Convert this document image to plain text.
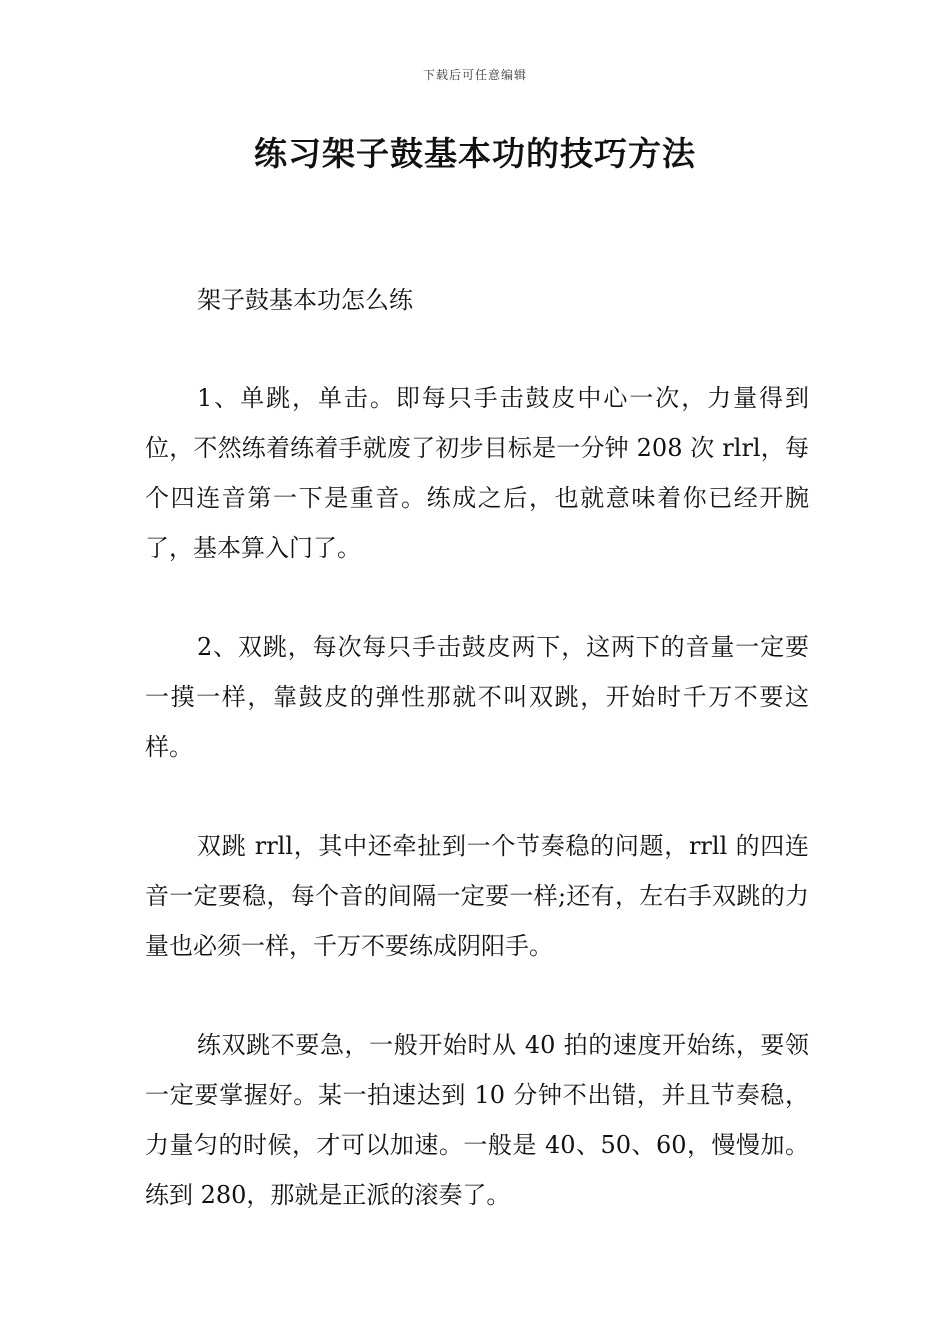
下载后可任意编辑
练习架子鼓基本功的技巧方法

架子鼓基本功怎么练

1、单跳，单击。即每只手击鼓皮中心一次，力量得到位，不然练着练着手就废了初步目标是一分钟 208 次 rlrl，每个四连音第一下是重音。练成之后，也就意味着你已经开腕了，基本算入门了。

2、双跳，每次每只手击鼓皮两下，这两下的音量一定要一摸一样，靠鼓皮的弹性那就不叫双跳，开始时千万不要这样。

双跳 rrll，其中还牵扯到一个节奏稳的问题，rrll 的四连音一定要稳，每个音的间隔一定要一样;还有，左右手双跳的力量也必须一样，千万不要练成阴阳手。

练双跳不要急，一般开始时从 40 拍的速度开始练，要领一定要掌握好。某一拍速达到 10 分钟不出错，并且节奏稳，力量匀的时候，才可以加速。一般是 40、50、60，慢慢加。练到 280，那就是正派的滚奏了。
